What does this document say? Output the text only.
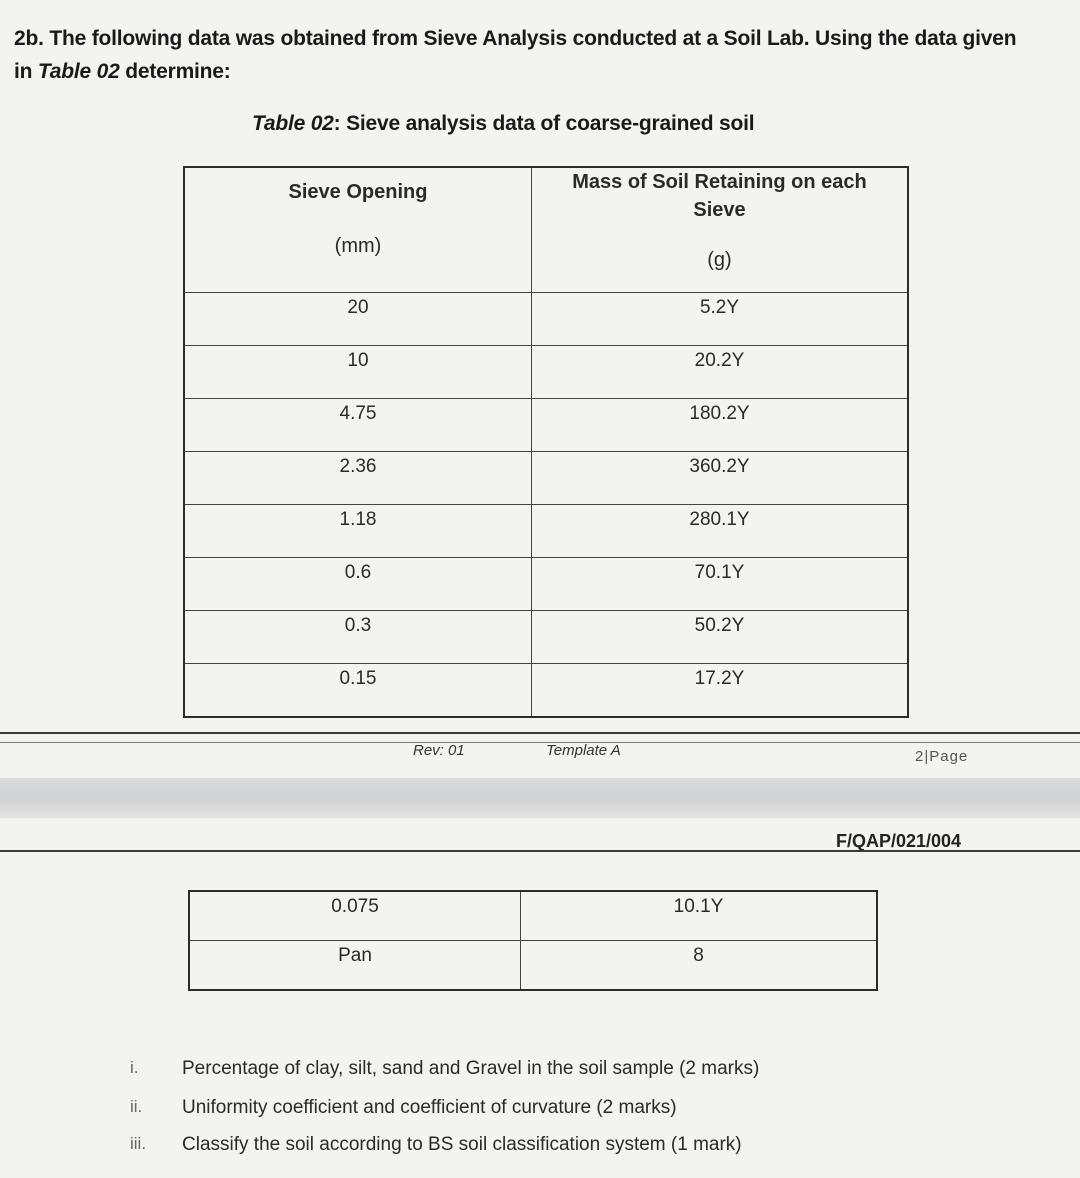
2b. The following data was obtained from Sieve Analysis conducted at a Soil Lab. Using the data given in Table 02 determine:
Table 02: Sieve analysis data of coarse-grained soil
Sieve Opening
(mm)	Mass of Soil Retaining on each
Sieve
(g)

20	5.2Y
10	20.2Y
4.75	180.2Y
2.36	360.2Y
1.18	280.1Y
0.6	70.1Y
0.3	50.2Y
0.15	17.2Y
Rev: 01	Template A	2|Page
F/QAP/021/004
0.075	10.1Y
Pan	8
i. Percentage of clay, silt, sand and Gravel in the soil sample (2 marks)
ii. Uniformity coefficient and coefficient of curvature (2 marks)
iii. Classify the soil according to BS soil classification system (1 mark)
